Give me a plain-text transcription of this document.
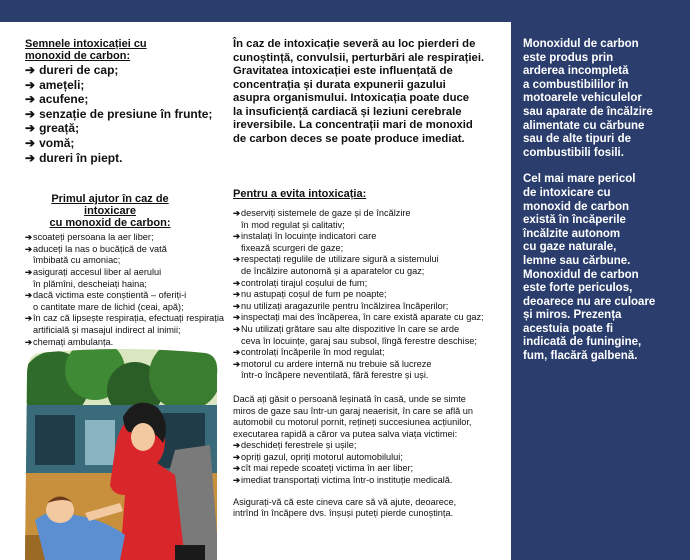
Semnele intoxicației cu
monoxid de carbon:
➔ dureri de cap;
➔ amețeli;
➔ acufene;
➔ senzație de presiune în frunte;
➔ greață;
➔ vomă;
➔ dureri în piept.
Primul ajutor în caz de intoxicare
cu monoxid de carbon:
➔ scoateți persoana la aer liber;
➔ aduceți la nas o bucățică de vată
îmbibată cu amoniac;
➔ asigurați accesul liber al aerului
în plămîni, descheiați haina;
➔ dacă victima este conștientă – oferiți-i
o cantitate mare de lichid (ceai, apă);
➔ în caz că lipsește respirația, efectuați respirația
artificială și masajul indirect al inimii;
➔ chemați ambulanța.

În caz de intoxicație severă au loc pierderi de
cunoștință, convulsii, perturbări ale respirației.
Gravitatea intoxicației este influențată de
concentrația și durata expunerii gazului
asupra organismului. Intoxicația poate duce
la insuficiență cardiacă și leziuni cerebrale
ireversibile. La concentrații mari de monoxid
de carbon deces se poate produce imediat.

Pentru a evita intoxicația:
➔ deserviți sistemele de gaze și de încălzire
în mod regulat și calitativ;
➔ instalați în locuințe indicatori care
fixează scurgeri de gaze;
➔ respectați regulile de utilizare sigură a sistemului
de încălzire autonomă și a aparatelor cu gaz;
➔ controlați tirajul coșului de fum;
➔ nu astupați coșul de fum pe noapte;
➔ nu utilizați aragazurile pentru încălzirea încăperilor;
➔ inspectați mai des încăperea, în care există aparate cu gaz;
➔ Nu utilizați grătare sau alte dispozitive în care se arde
ceva în locuințe, garaj sau subsol, lîngă ferestre deschise;
➔ controlați încăperile în mod regulat;
➔ motorul cu ardere internă nu trebuie să lucreze
într-o încăpere neventilată, fără ferestre și uși.

Dacă ați găsit o persoană leșinată în casă, unde se simte
miros de gaze sau într-un garaj neaerisit, în care se află un
automobil cu motorul pornit, rețineți succesiunea acțiunilor,
executarea rapidă a căror va putea salva viața victimei:

➔ deschideți ferestrele și ușile;
➔ opriți gazul, opriți motorul automobilului;
➔ cît mai repede scoateți victima în aer liber;
➔ imediat transportați victima într-o instituție medicală.

Asigurați-vă că este cineva care să vă ajute, deoarece,
intrînd în încăpere dvs. înșuși puteți pierde cunoștința.

Monoxidul de carbon
este produs prin
arderea incompletă
a combustibililor în
motoarele vehiculelor
sau aparate de încălzire
alimentate cu cărbune
sau de alte tipuri de
combustibili fosili.

Cel mai mare pericol
de intoxicare cu
monoxid de carbon
există în încăperile
încălzite autonom
cu gaze naturale,
lemne sau cărbune.
Monoxidul de carbon
este forte periculos,
deoarece nu are culoare
și miros. Prezența
acestuia poate fi
indicată de funingine,
fum, flacără galbenă.
